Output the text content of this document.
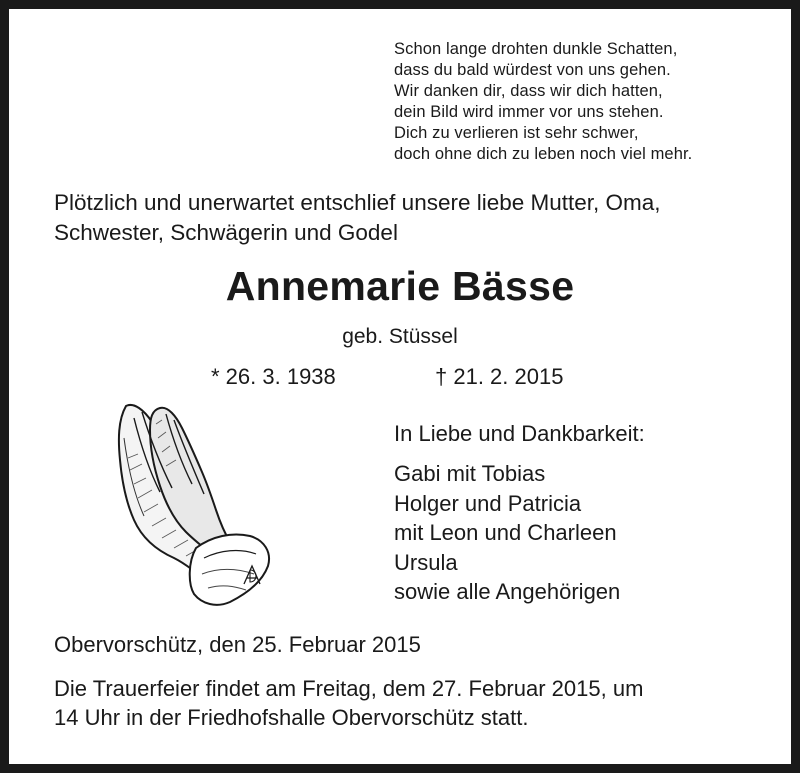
Schon lange drohten dunkle Schatten,
dass du bald würdest von uns gehen.
Wir danken dir, dass wir dich hatten,
dein Bild wird immer vor uns stehen.
Dich zu verlieren ist sehr schwer,
doch ohne dich zu leben noch viel mehr.
Plötzlich und unerwartet entschlief unsere liebe Mutter, Oma,
Schwester, Schwägerin und Godel
Annemarie Bässe
geb. Stüssel
* 26. 3. 1938	† 21. 2. 2015
In Liebe und Dankbarkeit:
Gabi mit Tobias
Holger und Patricia
mit Leon und Charleen
Ursula
sowie alle Angehörigen
Obervorschütz, den 25. Februar 2015
Die Trauerfeier findet am Freitag, dem 27. Februar 2015, um
14 Uhr in der Friedhofshalle Obervorschütz statt.
